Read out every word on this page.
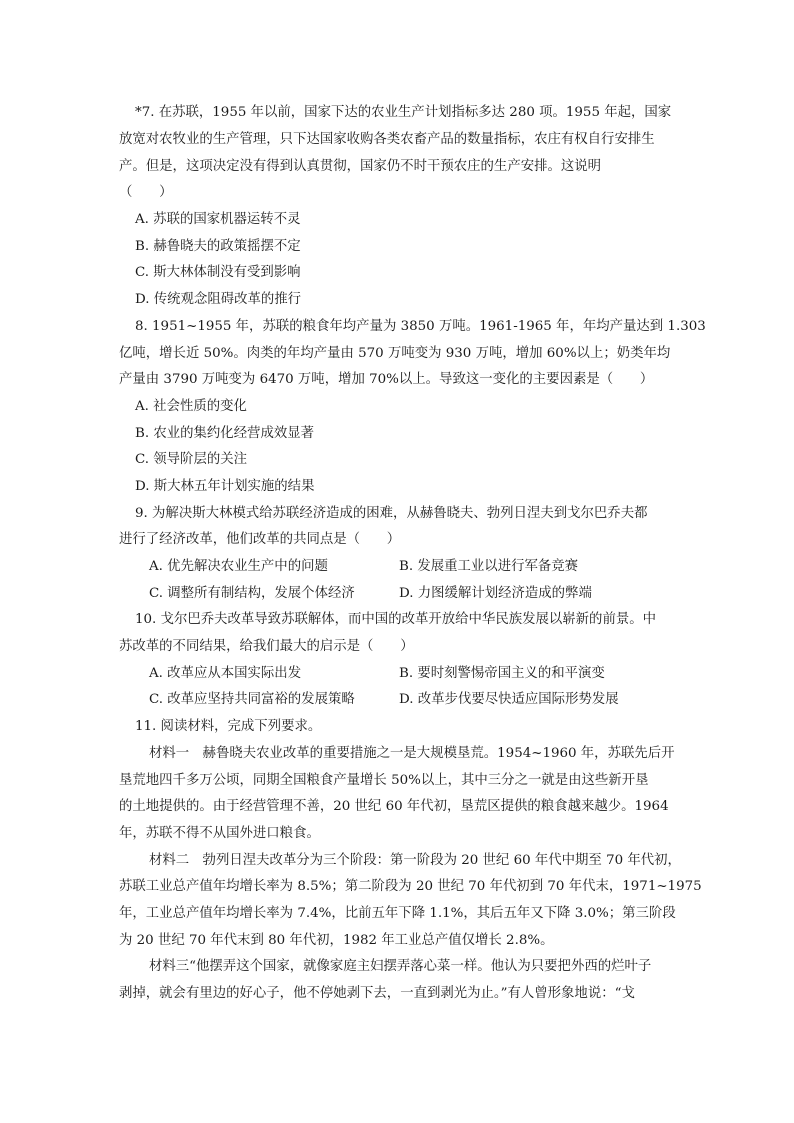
*7. 在苏联，1955 年以前，国家下达的农业生产计划指标多达 280 项。1955 年起，国家
放宽对农牧业的生产管理，只下达国家收购各类农畜产品的数量指标，农庄有权自行安排生
产。但是，这项决定没有得到认真贯彻，国家仍不时干预农庄的生产安排。这说明
（　　）
A. 苏联的国家机器运转不灵
B. 赫鲁晓夫的政策摇摆不定
C. 斯大林体制没有受到影响
D. 传统观念阻碍改革的推行
8. 1951~1955 年，苏联的粮食年均产量为 3850 万吨。1961-1965 年，年均产量达到 1.303
亿吨，增长近 50%。肉类的年均产量由 570 万吨变为 930 万吨，增加 60%以上；奶类年均
产量由 3790 万吨变为 6470 万吨，增加 70%以上。导致这一变化的主要因素是（　　）
A. 社会性质的变化
B. 农业的集约化经营成效显著
C. 领导阶层的关注
D. 斯大林五年计划实施的结果
9. 为解决斯大林模式给苏联经济造成的困难，从赫鲁晓夫、勃列日涅夫到戈尔巴乔夫都
进行了经济改革，他们改革的共同点是（　　）
A. 优先解决农业生产中的问题	B. 发展重工业以进行军备竞赛
C. 调整所有制结构，发展个体经济	D. 力图缓解计划经济造成的弊端
10. 戈尔巴乔夫改革导致苏联解体，而中国的改革开放给中华民族发展以崭新的前景。中
苏改革的不同结果，给我们最大的启示是（　　）
A. 改革应从本国实际出发	B. 要时刻警惕帝国主义的和平演变
C. 改革应坚持共同富裕的发展策略	D. 改革步伐要尽快适应国际形势发展
11. 阅读材料，完成下列要求。
材料一　赫鲁晓夫农业改革的重要措施之一是大规模垦荒。1954~1960 年，苏联先后开
垦荒地四千多万公顷，同期全国粮食产量增长 50%以上，其中三分之一就是由这些新开垦
的土地提供的。由于经营管理不善，20 世纪 60 年代初，垦荒区提供的粮食越来越少。1964
年，苏联不得不从国外进口粮食。
材料二　勃列日涅夫改革分为三个阶段：第一阶段为 20 世纪 60 年代中期至 70 年代初，
苏联工业总产值年均增长率为 8.5%；第二阶段为 20 世纪 70 年代初到 70 年代末，1971~1975
年，工业总产值年均增长率为 7.4%，比前五年下降 1.1%，其后五年又下降 3.0%；第三阶段
为 20 世纪 70 年代末到 80 年代初，1982 年工业总产值仅增长 2.8%。
材料三“他摆弄这个国家，就像家庭主妇摆弄落心菜一样。他认为只要把外西的烂叶子
剥掉，就会有里边的好心子，他不停她剥下去，一直到剥光为止。”有人曾形象地说：“戈
